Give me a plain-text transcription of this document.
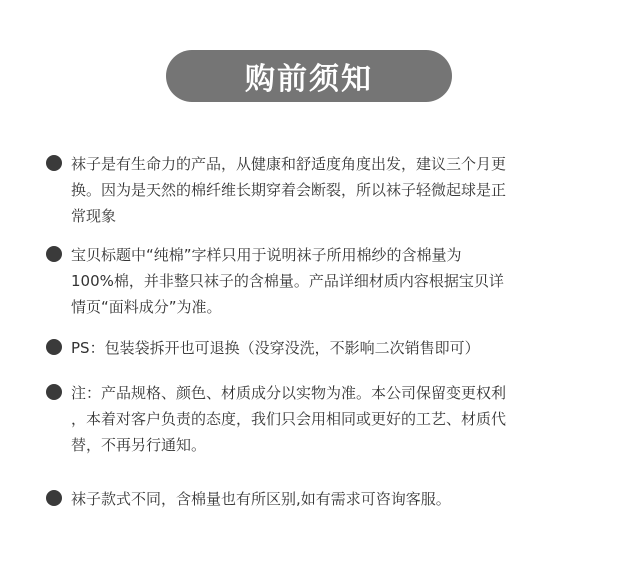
购前须知
袜子是有生命力的产品，从健康和舒适度角度出发，建议三个月更
换。因为是天然的棉纤维长期穿着会断裂，所以袜子轻微起球是正
常现象
宝贝标题中“纯棉”字样只用于说明袜子所用棉纱的含棉量为
100%棉，并非整只袜子的含棉量。产品详细材质内容根据宝贝详
情页“面料成分”为准。
PS：包装袋拆开也可退换（没穿没洗，不影响二次销售即可）
注：产品规格、颜色、材质成分以实物为准。本公司保留变更权利
，本着对客户负责的态度，我们只会用相同或更好的工艺、材质代
替，不再另行通知。
袜子款式不同，含棉量也有所区别,如有需求可咨询客服。
